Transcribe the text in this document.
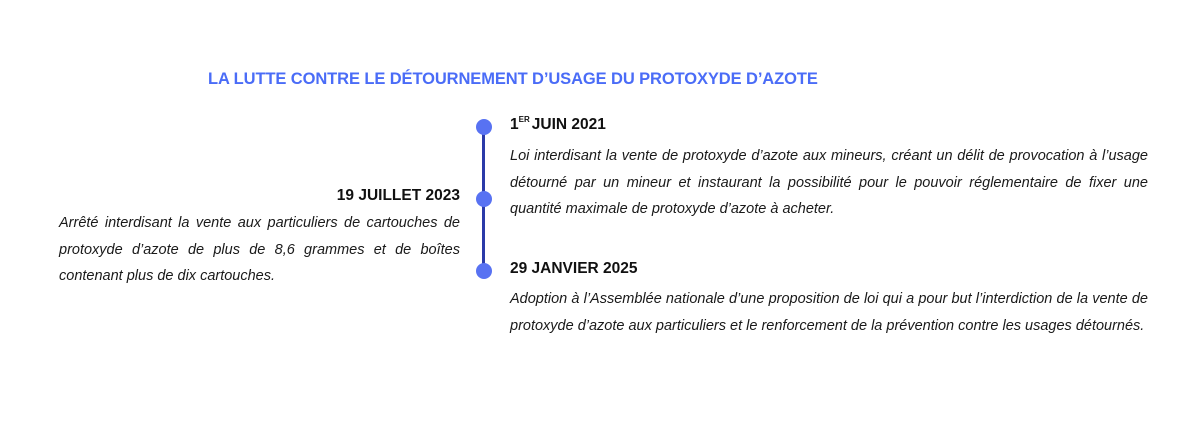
LA LUTTE CONTRE LE DÉTOURNEMENT D’USAGE DU PROTOXYDE D’AZOTE
1ER JUIN 2021
Loi interdisant la vente de protoxyde d’azote aux mineurs, créant un délit de provocation à l’usage détourné par un mineur et instaurant la possibilité pour le pouvoir réglementaire de fixer une quantité maximale de protoxyde d’azote à acheter.
19 JUILLET 2023
Arrêté interdisant la vente aux particuliers de cartouches de protoxyde d’azote de plus de 8,6 grammes et de boîtes contenant plus de dix cartouches.	29 JANVIER 2025
Adoption à l’Assemblée nationale d’une proposition de loi qui a pour but l’interdiction de la vente de protoxyde d’azote aux particuliers et le renforcement de la prévention contre les usages détournés.
